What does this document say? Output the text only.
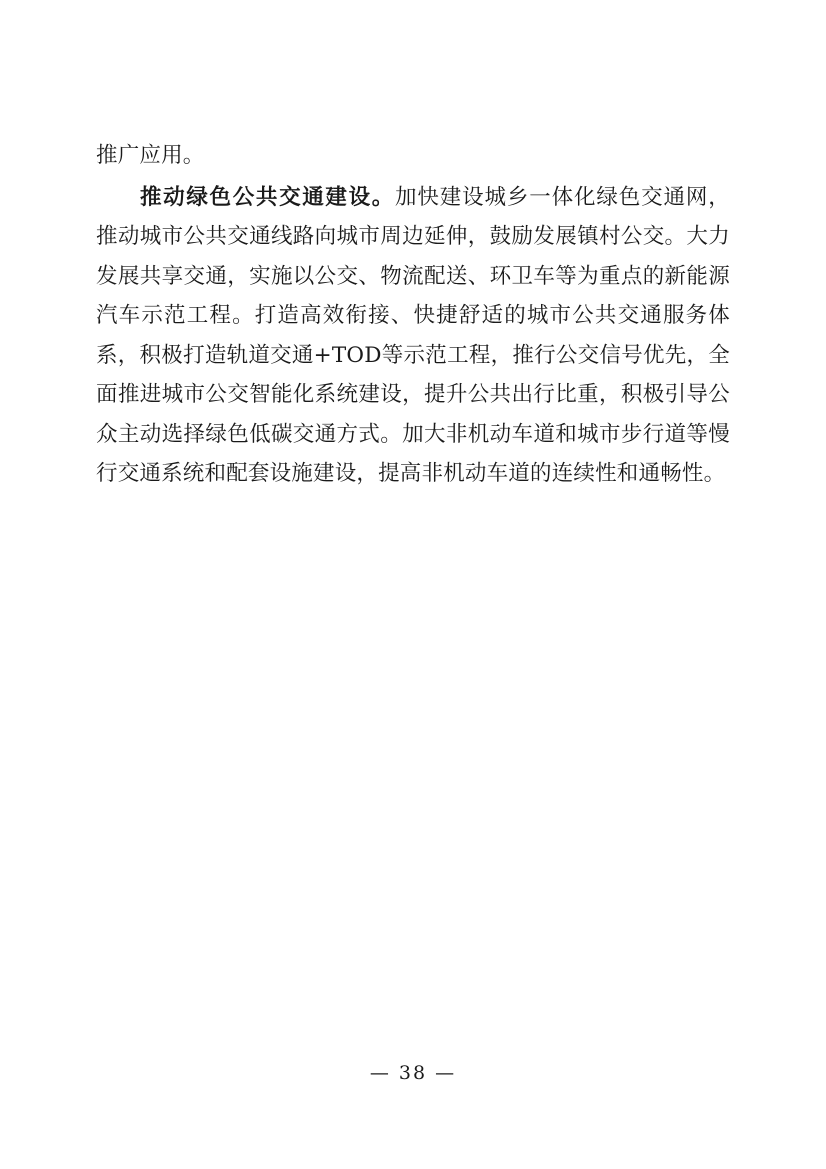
推广应用。

推动绿色公共交通建设。加快建设城乡一体化绿色交通网，推动城市公共交通线路向城市周边延伸，鼓励发展镇村公交。大力发展共享交通，实施以公交、物流配送、环卫车等为重点的新能源汽车示范工程。打造高效衔接、快捷舒适的城市公共交通服务体系，积极打造轨道交通+TOD等示范工程，推行公交信号优先，全面推进城市公交智能化系统建设，提升公共出行比重，积极引导公众主动选择绿色低碳交通方式。加大非机动车道和城市步行道等慢行交通系统和配套设施建设，提高非机动车道的连续性和通畅性。

— 38 —
